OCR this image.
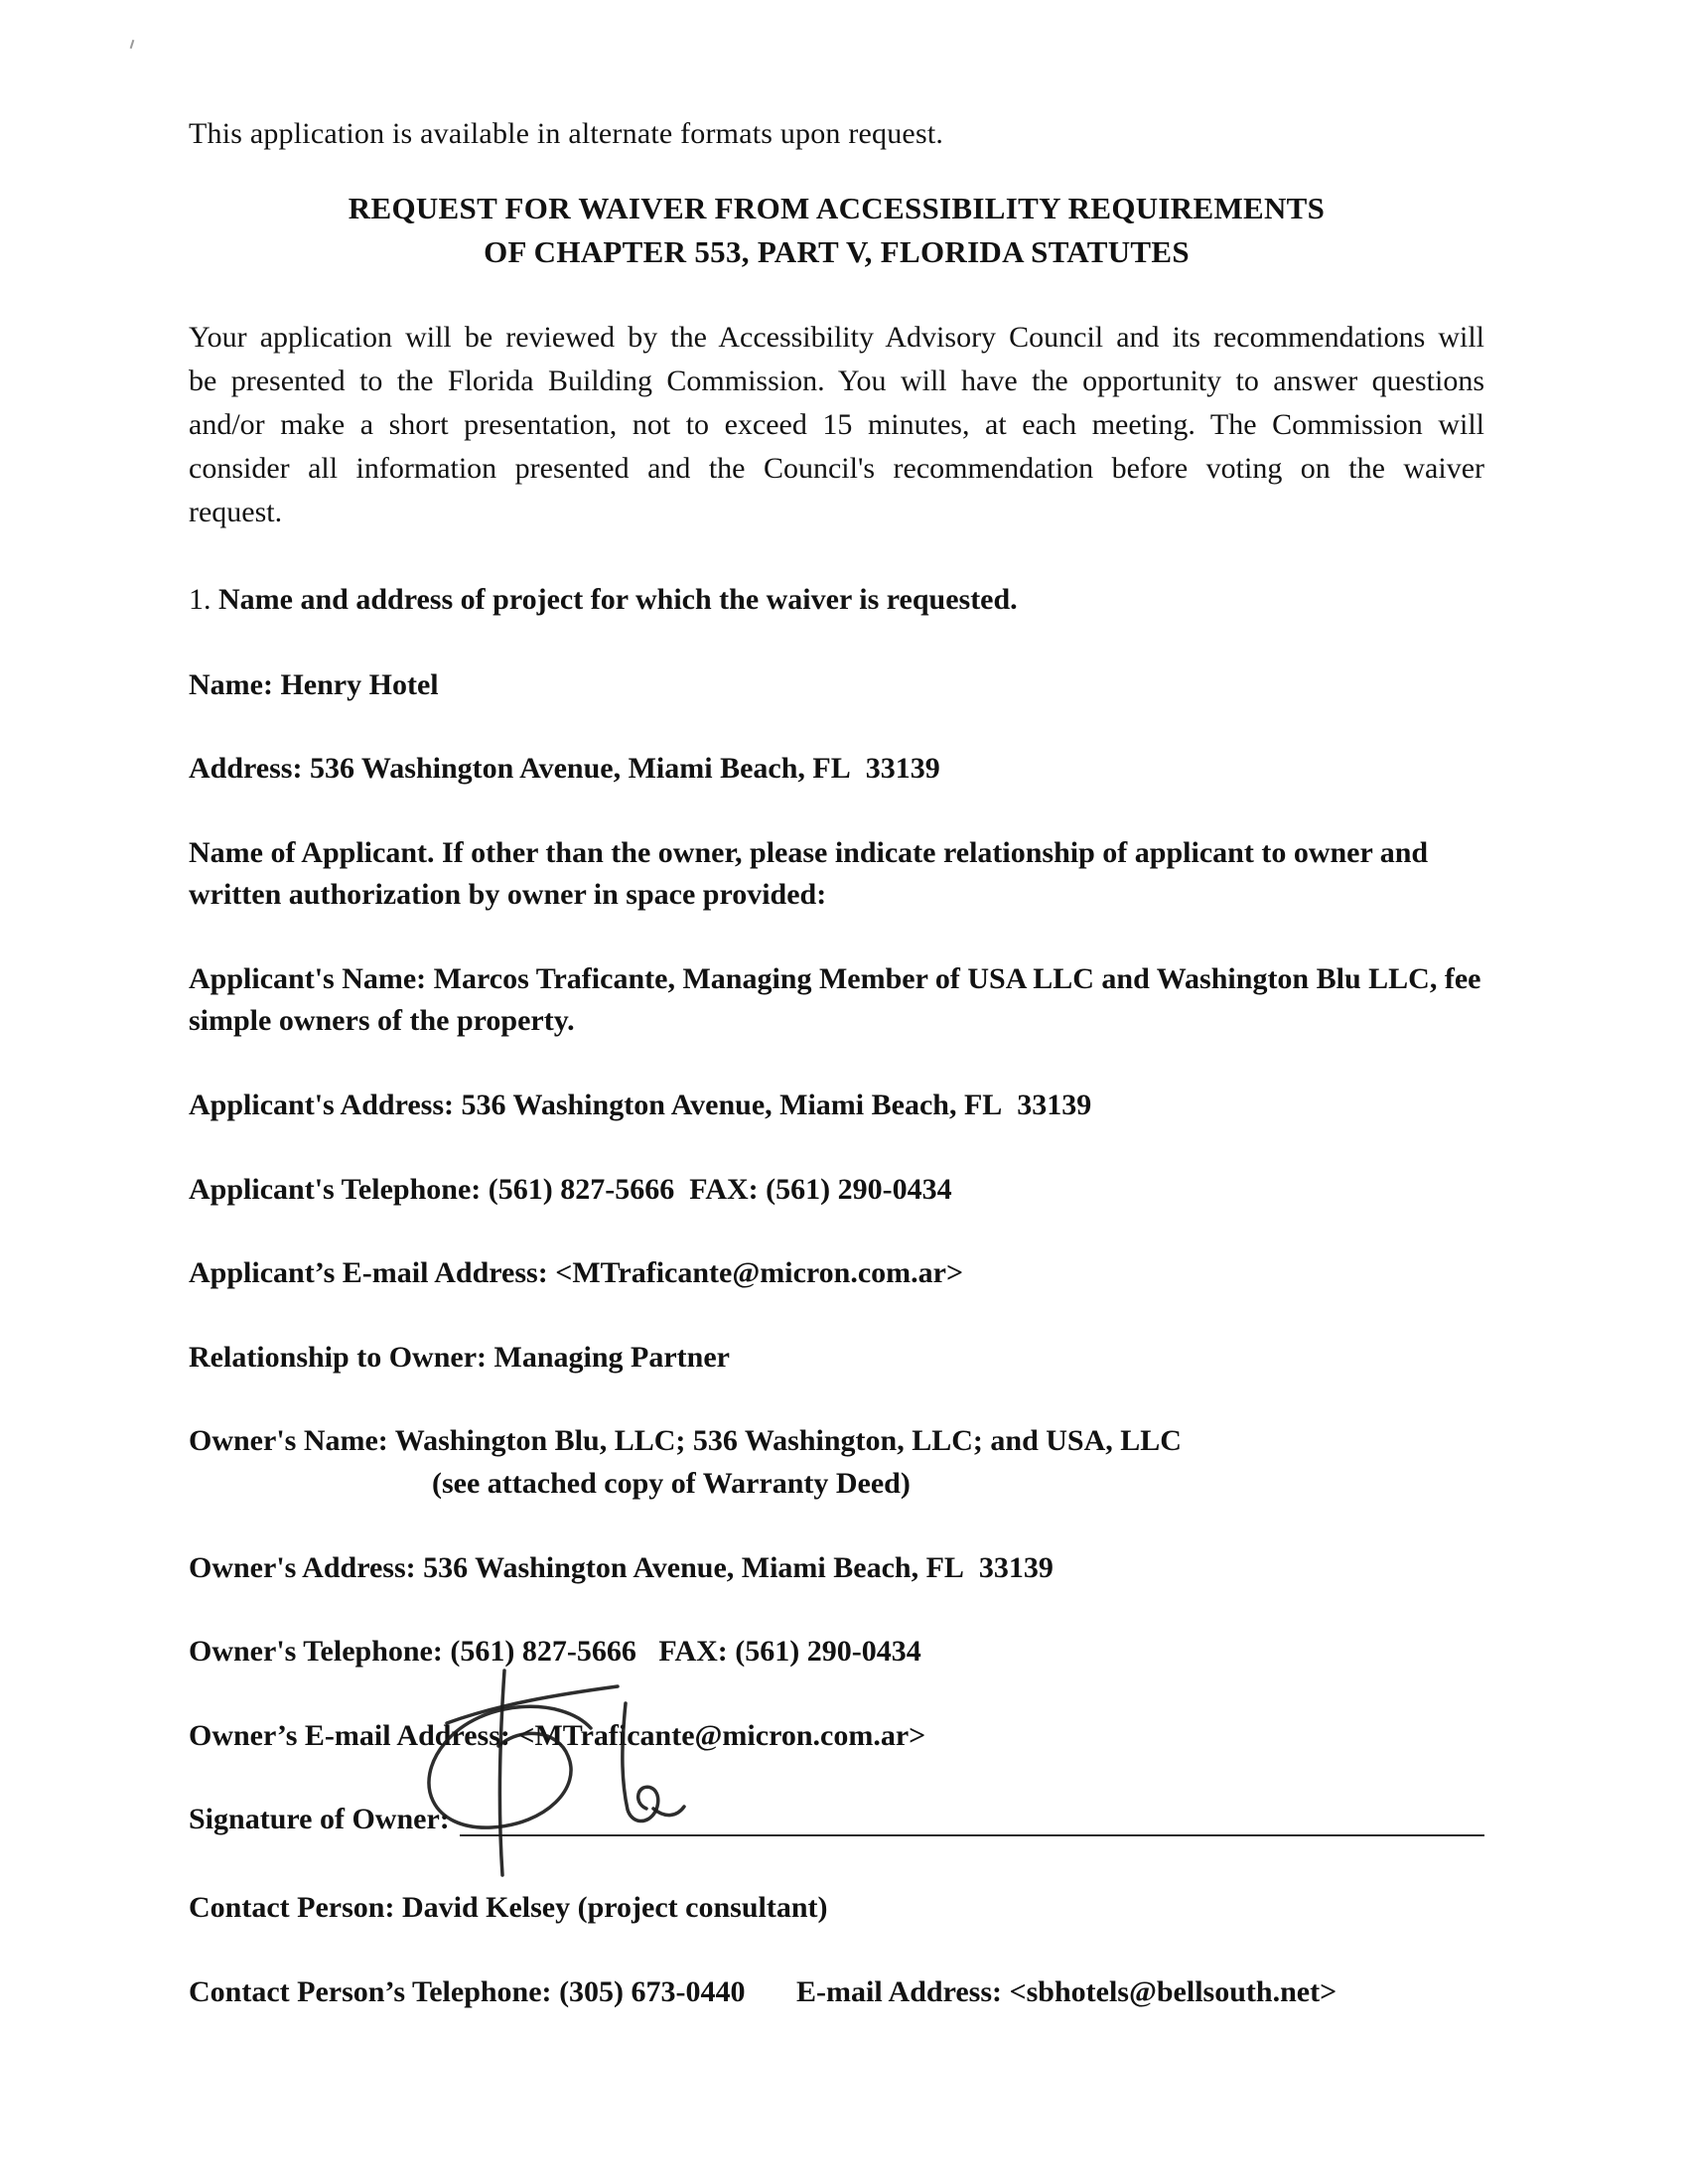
This application is available in alternate formats upon request.

REQUEST FOR WAIVER FROM ACCESSIBILITY REQUIREMENTS
OF CHAPTER 553, PART V, FLORIDA STATUTES

Your application will be reviewed by the Accessibility Advisory Council and its recommendations will be presented to the Florida Building Commission. You will have the opportunity to answer questions and/or make a short presentation, not to exceed 15 minutes, at each meeting. The Commission will consider all information presented and the Council's recommendation before voting on the waiver request.

1. Name and address of project for which the waiver is requested.

Name: Henry Hotel

Address: 536 Washington Avenue, Miami Beach, FL  33139

Name of Applicant. If other than the owner, please indicate relationship of applicant to owner and written authorization by owner in space provided:

Applicant's Name: Marcos Traficante, Managing Member of USA LLC and Washington Blu LLC, fee simple owners of the property.

Applicant's Address: 536 Washington Avenue, Miami Beach, FL  33139

Applicant's Telephone: (561) 827-5666  FAX: (561) 290-0434

Applicant’s E-mail Address: <MTraficante@micron.com.ar>

Relationship to Owner: Managing Partner

Owner's Name: Washington Blu, LLC; 536 Washington, LLC; and USA, LLC
(see attached copy of Warranty Deed)

Owner's Address: 536 Washington Avenue, Miami Beach, FL  33139

Owner's Telephone: (561) 827-5666   FAX: (561) 290-0434

Owner’s E-mail Address: <MTraficante@micron.com.ar>

Signature of Owner:

Contact Person: David Kelsey (project consultant)

Contact Person’s Telephone: (305) 673-0440 E-mail Address: <sbhotels@bellsouth.net>
